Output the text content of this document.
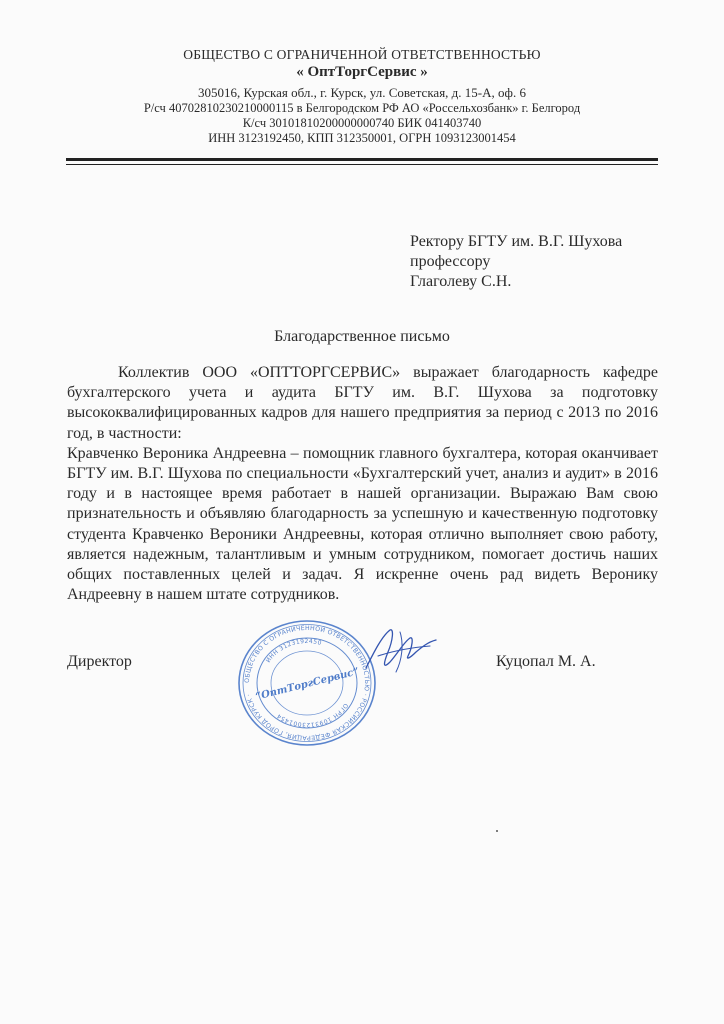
ОБЩЕСТВО С ОГРАНИЧЕННОЙ ОТВЕТСТВЕННОСТЬЮ
« ОптТоргСервис »
305016, Курская обл., г. Курск, ул. Советская, д. 15-А, оф. 6
Р/сч 40702810230210000115 в Белгородском РФ АО «Россельхозбанк» г. Белгород
К/сч 30101810200000000740 БИК 041403740
ИНН 3123192450, КПП 312350001, ОГРН 1093123001454
Ректору БГТУ им. В.Г. Шухова
профессору
Глаголеву С.Н.
Благодарственное письмо

Коллектив ООО «ОПТТОРГСЕРВИС» выражает благодарность кафедре бухгалтерского учета и аудита БГТУ им. В.Г. Шухова за подготовку высококвалифицированных кадров для нашего предприятия за период с 2013 по 2016 год, в частности:

Кравченко Вероника Андреевна – помощник главного бухгалтера, которая оканчивает БГТУ им. В.Г. Шухова по специальности «Бухгалтерский учет, анализ и аудит» в 2016 году и в настоящее время работает в нашей организации. Выражаю Вам свою признательность и объявляю благодарность за успешную и качественную подготовку студента Кравченко Вероники Андреевны, которая отлично выполняет свою работу, является надежным, талантливым и умным сотрудником, помогает достичь наших общих поставленных целей и задач. Я искренне очень рад видеть Веронику Андреевну в нашем штате сотрудников.

Директор	Куцопал М. А.
ОБЩЕСТВО С ОГРАНИЧЕННОЙ ОТВЕТСТВЕННОСТЬЮ · РОССИЙСКАЯ ФЕДЕРАЦИЯ, ГОРОД КУРСК ·
ИНН 3123192450
ОГРН 1093123001454
“ОптТоргСервис”
